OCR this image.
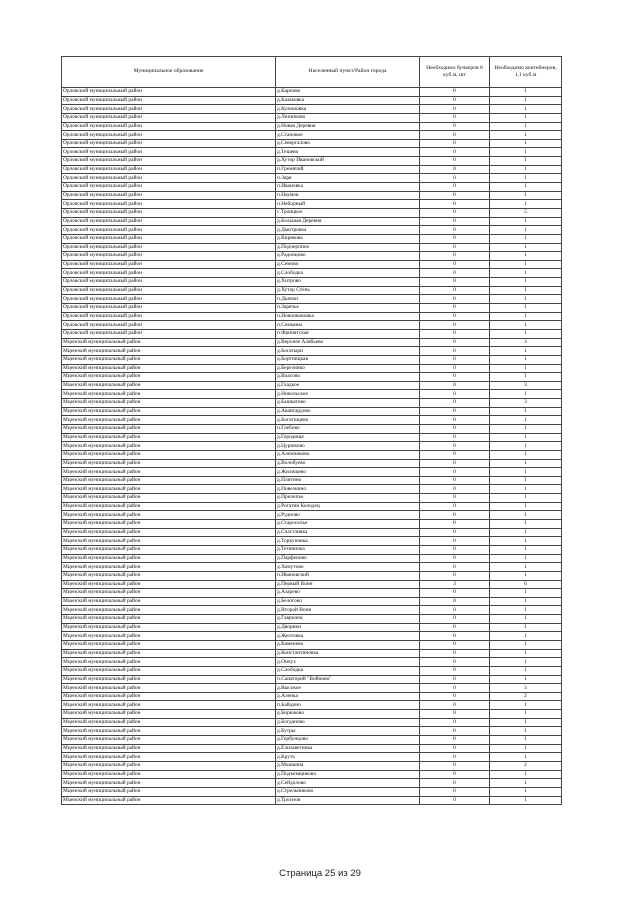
Муниципальное образование	Населенный пункт/Район города	Необходимо бункеров 8 куб.м, шт	Необходимо контейнеров, 1,1 куб.м
Орловский муниципальный район	д.Карпово	0	1
Орловский муниципальный район	д.Казаковка	0	1
Орловский муниципальный район	д.Кулешовка	0	1
Орловский муниципальный район	д.Лезниково	0	1
Орловский муниципальный район	д.Новая Деревня	0	1
Орловский муниципальный район	д.Становое	0	1
Орловский муниципальный район	д.Севергалово	0	1
Орловский муниципальный район	д.Тешево	0	1
Орловский муниципальный район	д.Хутор Ивановский	0	1
Орловский муниципальный район	п.Гремячий	0	1
Орловский муниципальный район	п.Заря	0	1
Орловский муниципальный район	п.Ивановка	0	1
Орловский муниципальный район	п.Наумов	0	1
Орловский муниципальный район	п.Неборный	0	1
Орловский муниципальный район	с.Троицкое	0	5
Орловский муниципальный район	д.Большая Деревня	0	1
Орловский муниципальный район	д.Дмитровка	0	1
Орловский муниципальный район	д.Кирякова	0	1
Орловский муниципальный район	д.Подчерпное	0	1
Орловский муниципальный район	д.Радонцово	0	1
Орловский муниципальный район	д.Семово	0	1
Орловский муниципальный район	д.Слободка	0	1
Орловский муниципальный район	д.Хитрово	0	1
Орловский муниципальный район	д.Хутор Степь	0	1
Орловский муниципальный район	п.Дьячки	0	1
Орловский муниципальный район	п.Заречье	0	1
Орловский муниципальный район	п.Новоивановка	0	1
Орловский муниципальный район	п.Семьяны	0	1
Орловский муниципальный район	п.Фринятская	0	1
Мценский муниципальный район	д.Верхнее Алябьево	0	3
Мценский муниципальный район	д.Богатыри	0	1
Мценский муниципальный район	д.Бортницкая	0	1
Мценский муниципальный район	д.Березинко	0	1
Мценский муниципальный район	д.Власово	0	1
Мценский муниципальный район	д.Гладкое	0	3
Мценский муниципальный район	д.Никольское	0	1
Мценский муниципальный район	д.Башкатово	0	3
Мценский муниципальный район	д.Авангардово	0	1
Мценский муниципальный район	д.Богатищево	0	1
Мценский муниципальный район	п.Глебово	0	1
Мценский муниципальный район	д.Городище	0	1
Мценский муниципальный район	д.Цурюково	0	1
Мценский муниципальный район	д.Алемпиково	0	1
Мценский муниципальный район	д.Волобуево	0	1
Мценский муниципальный район	д.Жилищево	0	1
Мценский муниципальный район	д.Плитино	0	1
Мценский муниципальный район	д.Повезнино	0	1
Мценский муниципальный район	д.Прилепье	0	1
Мценский муниципальный район	д.Рогатин Колодец	0	1
Мценский муниципальный район	д.Рудново	0	1
Мценский муниципальный район	д.Староселье	0	1
Мценский муниципальный район	д.Счастливка	0	1
Мценский муниципальный район	д.Торкуновка	0	1
Мценский муниципальный район	д.Тетяничка	0	1
Мценский муниципальный район	д.Парфеново	0	1
Мценский муниципальный район	д.Хомутово	0	1
Мценский муниципальный район	п.Ивановский	0	1
Мценский муниципальный район	д.Первый Воин	3	6
Мценский муниципальный район	д.Азарево	0	1
Мценский муниципальный район	д.Белогово	0	1
Мценский муниципальный район	д.Второй Воин	0	1
Мценский муниципальный район	д.Гаврилец	0	1
Мценский муниципальный район	д.Дворики	0	1
Мценский муниципальный район	д.Желтовка	0	1
Мценский муниципальный район	д.Каменево	0	1
Мценский муниципальный район	д.Константиновка	0	1
Мценский муниципальный район	д.Ончух	0	1
Мценский муниципальный район	д.Слободка	0	1
Мценский муниципальный район	п.Санаторий "Войново"	0	1
Мценский муниципальный район	д.Высокое	0	3
Мценский муниципальный район	д.Аленка	0	2
Мценский муниципальный район	п.Байдино	0	1
Мценский муниципальный район	д.Бирюково	0	1
Мценский муниципальный район	д.Богданово	0	1
Мценский муниципальный район	д.Бутры	0	1
Мценский муниципальный район	д.Горбунцово	0	1
Мценский муниципальный район	д.Елизаветинка	0	1
Мценский муниципальный район	д.Круть	0	1
Мценский муниципальный район	д.Мошкина	0	2
Мценский муниципальный район	д.Подъемщиково	0	1
Мценский муниципальный район	д.Сейдолово	0	1
Мценский муниципальный район	д.Стрельниково	0	1
Мценский муниципальный район	д.Троснов	0	1
Страница 25 из 29
